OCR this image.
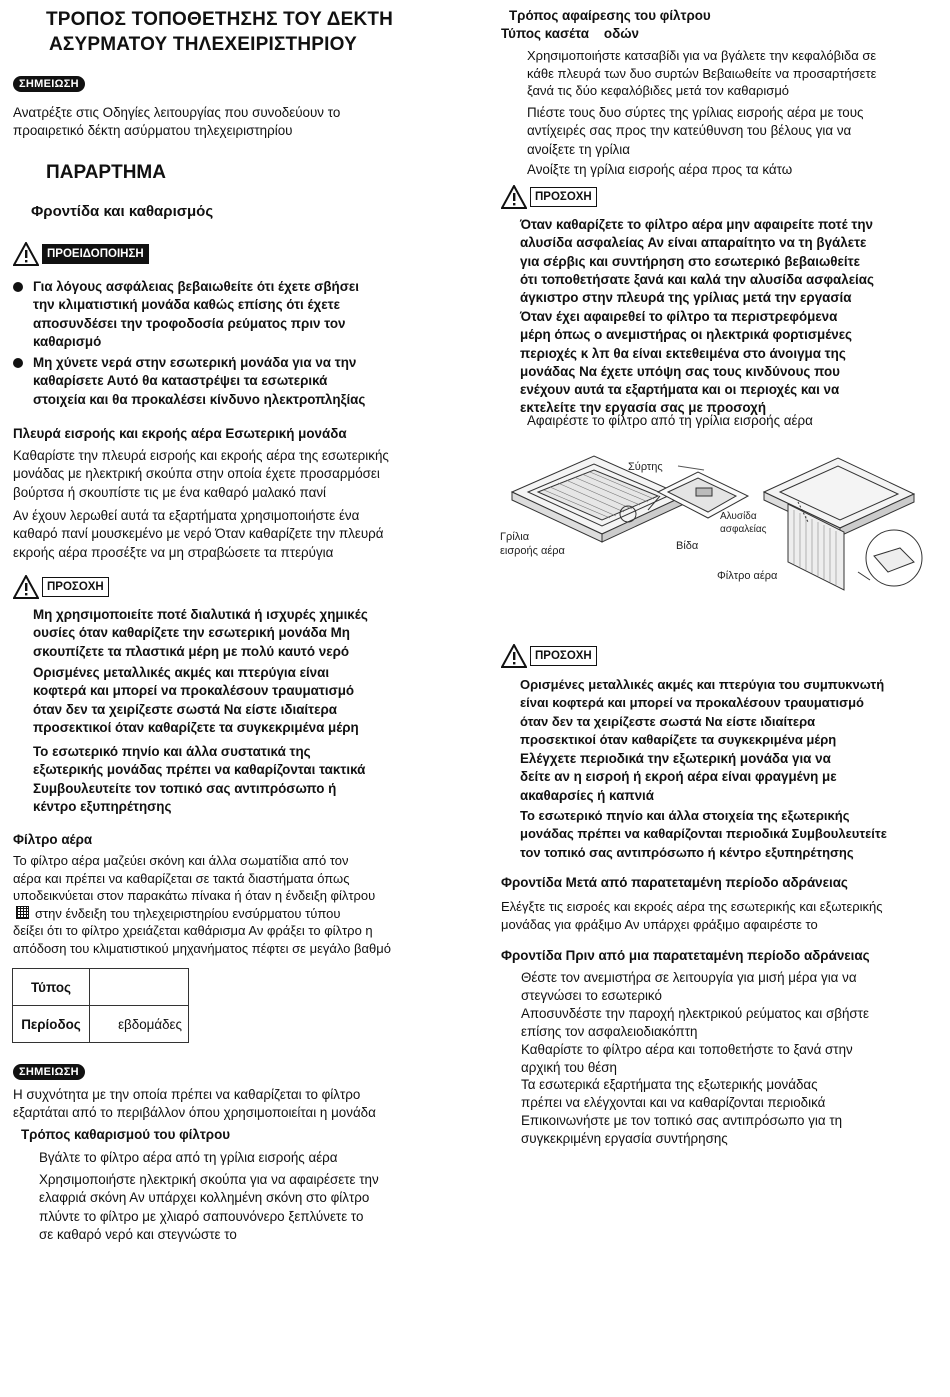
ΤΡΟΠΟΣ ΤΟΠΟΘΕΤΗΣΗΣ ΤΟΥ ΔΕΚΤΗ
ΑΣΥΡΜΑΤΟΥ ΤΗΛΕΧΕΙΡΙΣΤΗΡΙΟΥ
ΣΗΜΕΙΩΣΗ
Ανατρέξτε στις Οδηγίες λειτουργίας που συνοδεύουν το
προαιρετικό δέκτη ασύρματου τηλεχειριστηρίου
ΠΑΡΑΡΤΗΜΑ
Φροντίδα και καθαρισμός
ΠΡΟΕΙΔΟΠΟΙΗΣΗ
Για λόγους ασφάλειας βεβαιωθείτε ότι έχετε σβήσει
την κλιματιστική μονάδα καθώς επίσης ότι έχετε
αποσυνδέσει την τροφοδοσία ρεύματος πριν τον
καθαρισμό
Μη χύνετε νερά στην εσωτερική μονάδα για να την
καθαρίσετε Αυτό θα καταστρέψει τα εσωτερικά
στοιχεία και θα προκαλέσει κίνδυνο ηλεκτροπληξίας
Πλευρά εισροής και εκροής αέρα Εσωτερική μονάδα
Καθαρίστε την πλευρά εισροής και εκροής αέρα της εσωτερικής
μονάδας με ηλεκτρική σκούπα στην οποία έχετε προσαρμόσει
βούρτσα ή σκουπίστε τις με ένα καθαρό μαλακό πανί
Αν έχουν λερωθεί αυτά τα εξαρτήματα χρησιμοποιήστε ένα
καθαρό πανί μουσκεμένο με νερό Όταν καθαρίζετε την πλευρά
εκροής αέρα προσέξτε να μη στραβώσετε τα πτερύγια
ΠΡΟΣΟΧΗ
Μη χρησιμοποιείτε ποτέ διαλυτικά ή ισχυρές χημικές
ουσίες όταν καθαρίζετε την εσωτερική μονάδα Μη
σκουπίζετε τα πλαστικά μέρη με πολύ καυτό νερό
Ορισμένες μεταλλικές ακμές και πτερύγια είναι
κοφτερά και μπορεί να προκαλέσουν τραυματισμό
όταν δεν τα χειρίζεστε σωστά Να είστε ιδιαίτερα
προσεκτικοί όταν καθαρίζετε τα συγκεκριμένα μέρη
Το εσωτερικό πηνίο και άλλα συστατικά της
εξωτερικής μονάδας πρέπει να καθαρίζονται τακτικά
Συμβουλευτείτε τον τοπικό σας αντιπρόσωπο ή
κέντρο εξυπηρέτησης
Φίλτρο αέρα
Το φίλτρο αέρα μαζεύει σκόνη και άλλα σωματίδια από τον
αέρα και πρέπει να καθαρίζεται σε τακτά διαστήματα όπως
υποδεικνύεται στον παρακάτω πίνακα ή όταν η ένδειξη φίλτρου
στην ένδειξη του τηλεχειριστηρίου ενσύρματου τύπου
δείξει ότι το φίλτρο χρειάζεται καθάρισμα Αν φράξει το φίλτρο η
απόδοση του κλιματιστικού μηχανήματος πέφτει σε μεγάλο βαθμό
Τύπος	
Περίοδος	εβδομάδες
ΣΗΜΕΙΩΣΗ
Η συχνότητα με την οποία πρέπει να καθαρίζεται το φίλτρο
εξαρτάται από το περιβάλλον όπου χρησιμοποιείται η μονάδα
Τρόπος καθαρισμού του φίλτρου
Βγάλτε το φίλτρο αέρα από τη γρίλια εισροής αέρα
Χρησιμοποιήστε ηλεκτρική σκούπα για να αφαιρέσετε την
ελαφριά σκόνη Αν υπάρχει κολλημένη σκόνη στο φίλτρο
πλύντε το φίλτρο με χλιαρό σαπουνόνερο ξεπλύνετε το
σε καθαρό νερό και στεγνώστε το
Τρόπος αφαίρεσης του φίλτρου
Τύπος κασέτα    οδών
Χρησιμοποιήστε κατσαβίδι για να βγάλετε την κεφαλόβιδα σε
κάθε πλευρά των δυο συρτών Βεβαιωθείτε να προσαρτήσετε
ξανά τις δύο κεφαλόβιδες μετά τον καθαρισμό
Πιέστε τους δυο σύρτες της γρίλιας εισροής αέρα με τους
αντίχειρές σας προς την κατεύθυνση του βέλους για να
ανοίξετε τη γρίλια
Ανοίξτε τη γρίλια εισροής αέρα προς τα κάτω
ΠΡΟΣΟΧΗ
Όταν καθαρίζετε το φίλτρο αέρα μην αφαιρείτε ποτέ την
αλυσίδα ασφαλείας Αν είναι απαραίτητο να τη βγάλετε
για σέρβις και συντήρηση στο εσωτερικό βεβαιωθείτε
ότι τοποθετήσατε ξανά και καλά την αλυσίδα ασφαλείας
άγκιστρο στην πλευρά της γρίλιας μετά την εργασία
Όταν έχει αφαιρεθεί το φίλτρο τα περιστρεφόμενα
μέρη όπως ο ανεμιστήρας οι ηλεκτρικά φορτισμένες
περιοχές κ λπ θα είναι εκτεθειμένα στο άνοιγμα της
μονάδας Να έχετε υπόψη σας τους κινδύνους που
ενέχουν αυτά τα εξαρτήματα και οι περιοχές και να
εκτελείτε την εργασία σας με προσοχή
Αφαιρέστε το φίλτρο από τη γρίλια εισροής αέρα
Σύρτης
Γρίλια
εισροής αέρα	Βίδα
Αλυσίδα
ασφαλείας
Φίλτρο αέρα
ΠΡΟΣΟΧΗ
Ορισμένες μεταλλικές ακμές και πτερύγια του συμπυκνωτή
είναι κοφτερά και μπορεί να προκαλέσουν τραυματισμό
όταν δεν τα χειρίζεστε σωστά Να είστε ιδιαίτερα
προσεκτικοί όταν καθαρίζετε τα συγκεκριμένα μέρη
Ελέγχετε περιοδικά την εξωτερική μονάδα για να
δείτε αν η εισροή ή εκροή αέρα είναι φραγμένη με
ακαθαρσίες ή καπνιά
Το εσωτερικό πηνίο και άλλα στοιχεία της εξωτερικής
μονάδας πρέπει να καθαρίζονται περιοδικά Συμβουλευτείτε
τον τοπικό σας αντιπρόσωπο ή κέντρο εξυπηρέτησης
Φροντίδα Μετά από παρατεταμένη περίοδο αδράνειας
Ελέγξτε τις εισροές και εκροές αέρα της εσωτερικής και εξωτερικής
μονάδας για φράξιμο Αν υπάρχει φράξιμο αφαιρέστε το
Φροντίδα Πριν από μια παρατεταμένη περίοδο αδράνειας
Θέστε τον ανεμιστήρα σε λειτουργία για μισή μέρα για να
στεγνώσει το εσωτερικό
Αποσυνδέστε την παροχή ηλεκτρικού ρεύματος και σβήστε
επίσης τον ασφαλειοδιακόπτη
Καθαρίστε το φίλτρο αέρα και τοποθετήστε το ξανά στην
αρχική του θέση
Τα εσωτερικά εξαρτήματα της εξωτερικής μονάδας
πρέπει να ελέγχονται και να καθαρίζονται περιοδικά
Επικοινωνήστε με τον τοπικό σας αντιπρόσωπο για τη
συγκεκριμένη εργασία συντήρησης
